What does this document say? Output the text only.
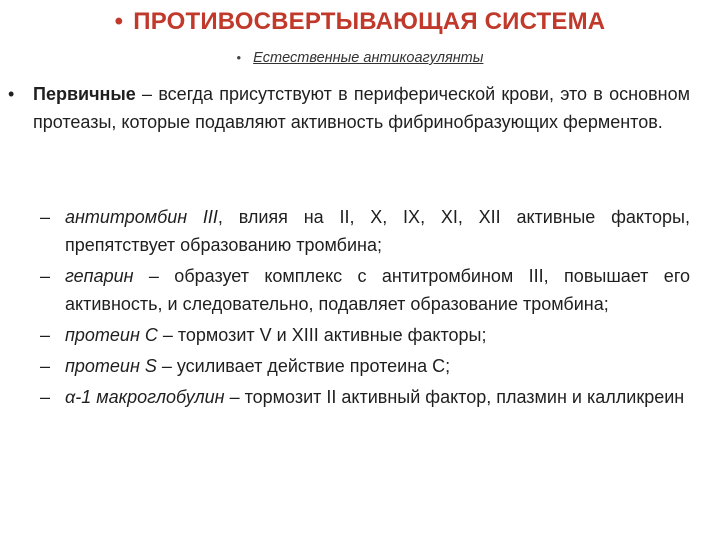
• ПРОТИВОСВЕРТЫВАЮЩАЯ СИСТЕМА
• Естественные антикоагулянты
• Первичные – всегда присутствуют в периферической крови, это в основном протеазы, которые подавляют активность фибринобразующих ферментов.
– антитромбин III, влияя на II, X, IX, XI, XII активные факторы, препятствует образованию тромбина;
– гепарин – образует комплекс с антитромбином III, повышает его активность, и следовательно, подавляет образование тромбина;
– протеин С – тормозит V и XIII активные факторы;
– протеин S – усиливает действие протеина С;
– α-1 макроглобулин – тормозит II активный фактор, плазмин и калликреин
